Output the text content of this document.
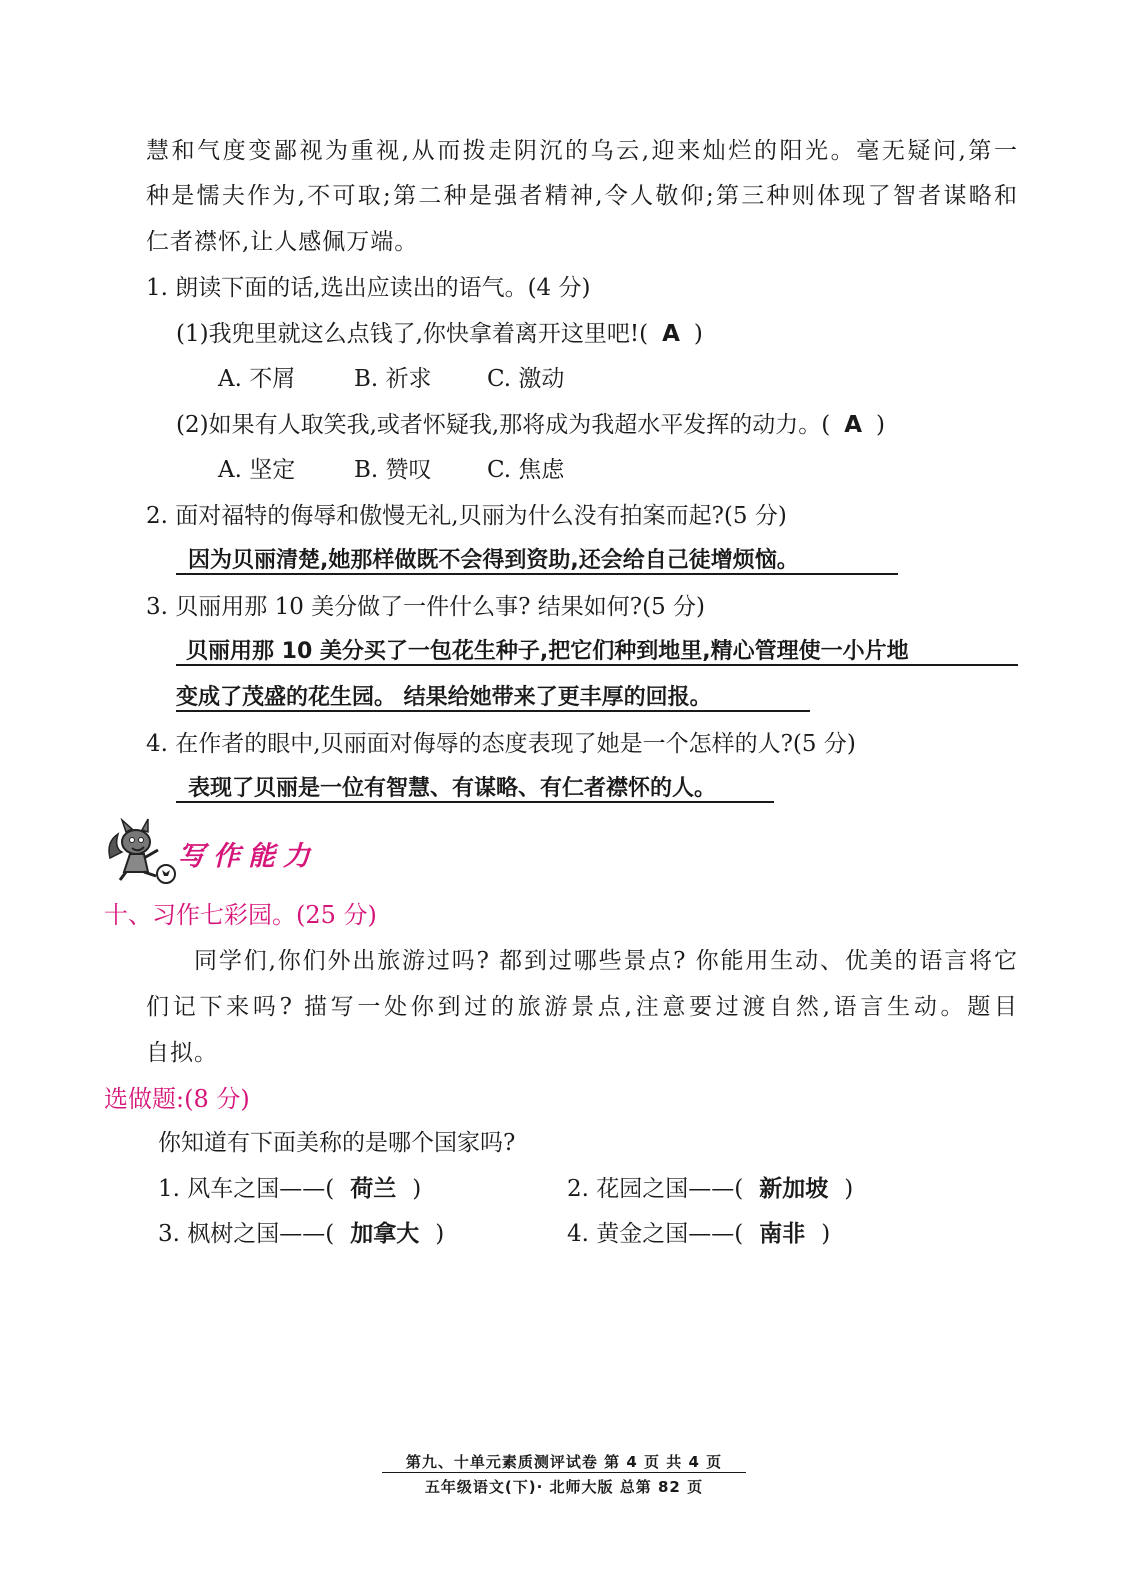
慧和气度变鄙视为重视,从而拨走阴沉的乌云,迎来灿烂的阳光。毫无疑问,第一
种是懦夫作为,不可取;第二种是强者精神,令人敬仰;第三种则体现了智者谋略和
仁者襟怀,让人感佩万端。
1. 朗读下面的话,选出应读出的语气。(4 分)
(1)我兜里就这么点钱了,你快拿着离开这里吧!( A )
A. 不屑	B. 祈求 C. 激动
(2)如果有人取笑我,或者怀疑我,那将成为我超水平发挥的动力。( A )
A. 坚定	B. 赞叹 C. 焦虑
2. 面对福特的侮辱和傲慢无礼,贝丽为什么没有拍案而起?(5 分)
因为贝丽清楚,她那样做既不会得到资助,还会给自己徒增烦恼。
3. 贝丽用那 10 美分做了一件什么事? 结果如何?(5 分)
贝丽用那 10 美分买了一包花生种子,把它们种到地里,精心管理使一小片地
变成了茂盛的花生园。 结果给她带来了更丰厚的回报。
4. 在作者的眼中,贝丽面对侮辱的态度表现了她是一个怎样的人?(5 分)
表现了贝丽是一位有智慧、有谋略、有仁者襟怀的人。
写作能力
十、习作七彩园。(25 分)
同学们,你们外出旅游过吗? 都到过哪些景点? 你能用生动、优美的语言将它
们记下来吗? 描写一处你到过的旅游景点,注意要过渡自然,语言生动。题目
自拟。
选做题:(8 分)
你知道有下面美称的是哪个国家吗?
1. 风车之国——( 荷兰 )	2. 花园之国——( 新加坡 )
3. 枫树之国——( 加拿大 )	4. 黄金之国——( 南非 )
第九、十单元素质测评试卷 第 4 页 共 4 页
五年级语文(下)· 北师大版 总第 82 页
